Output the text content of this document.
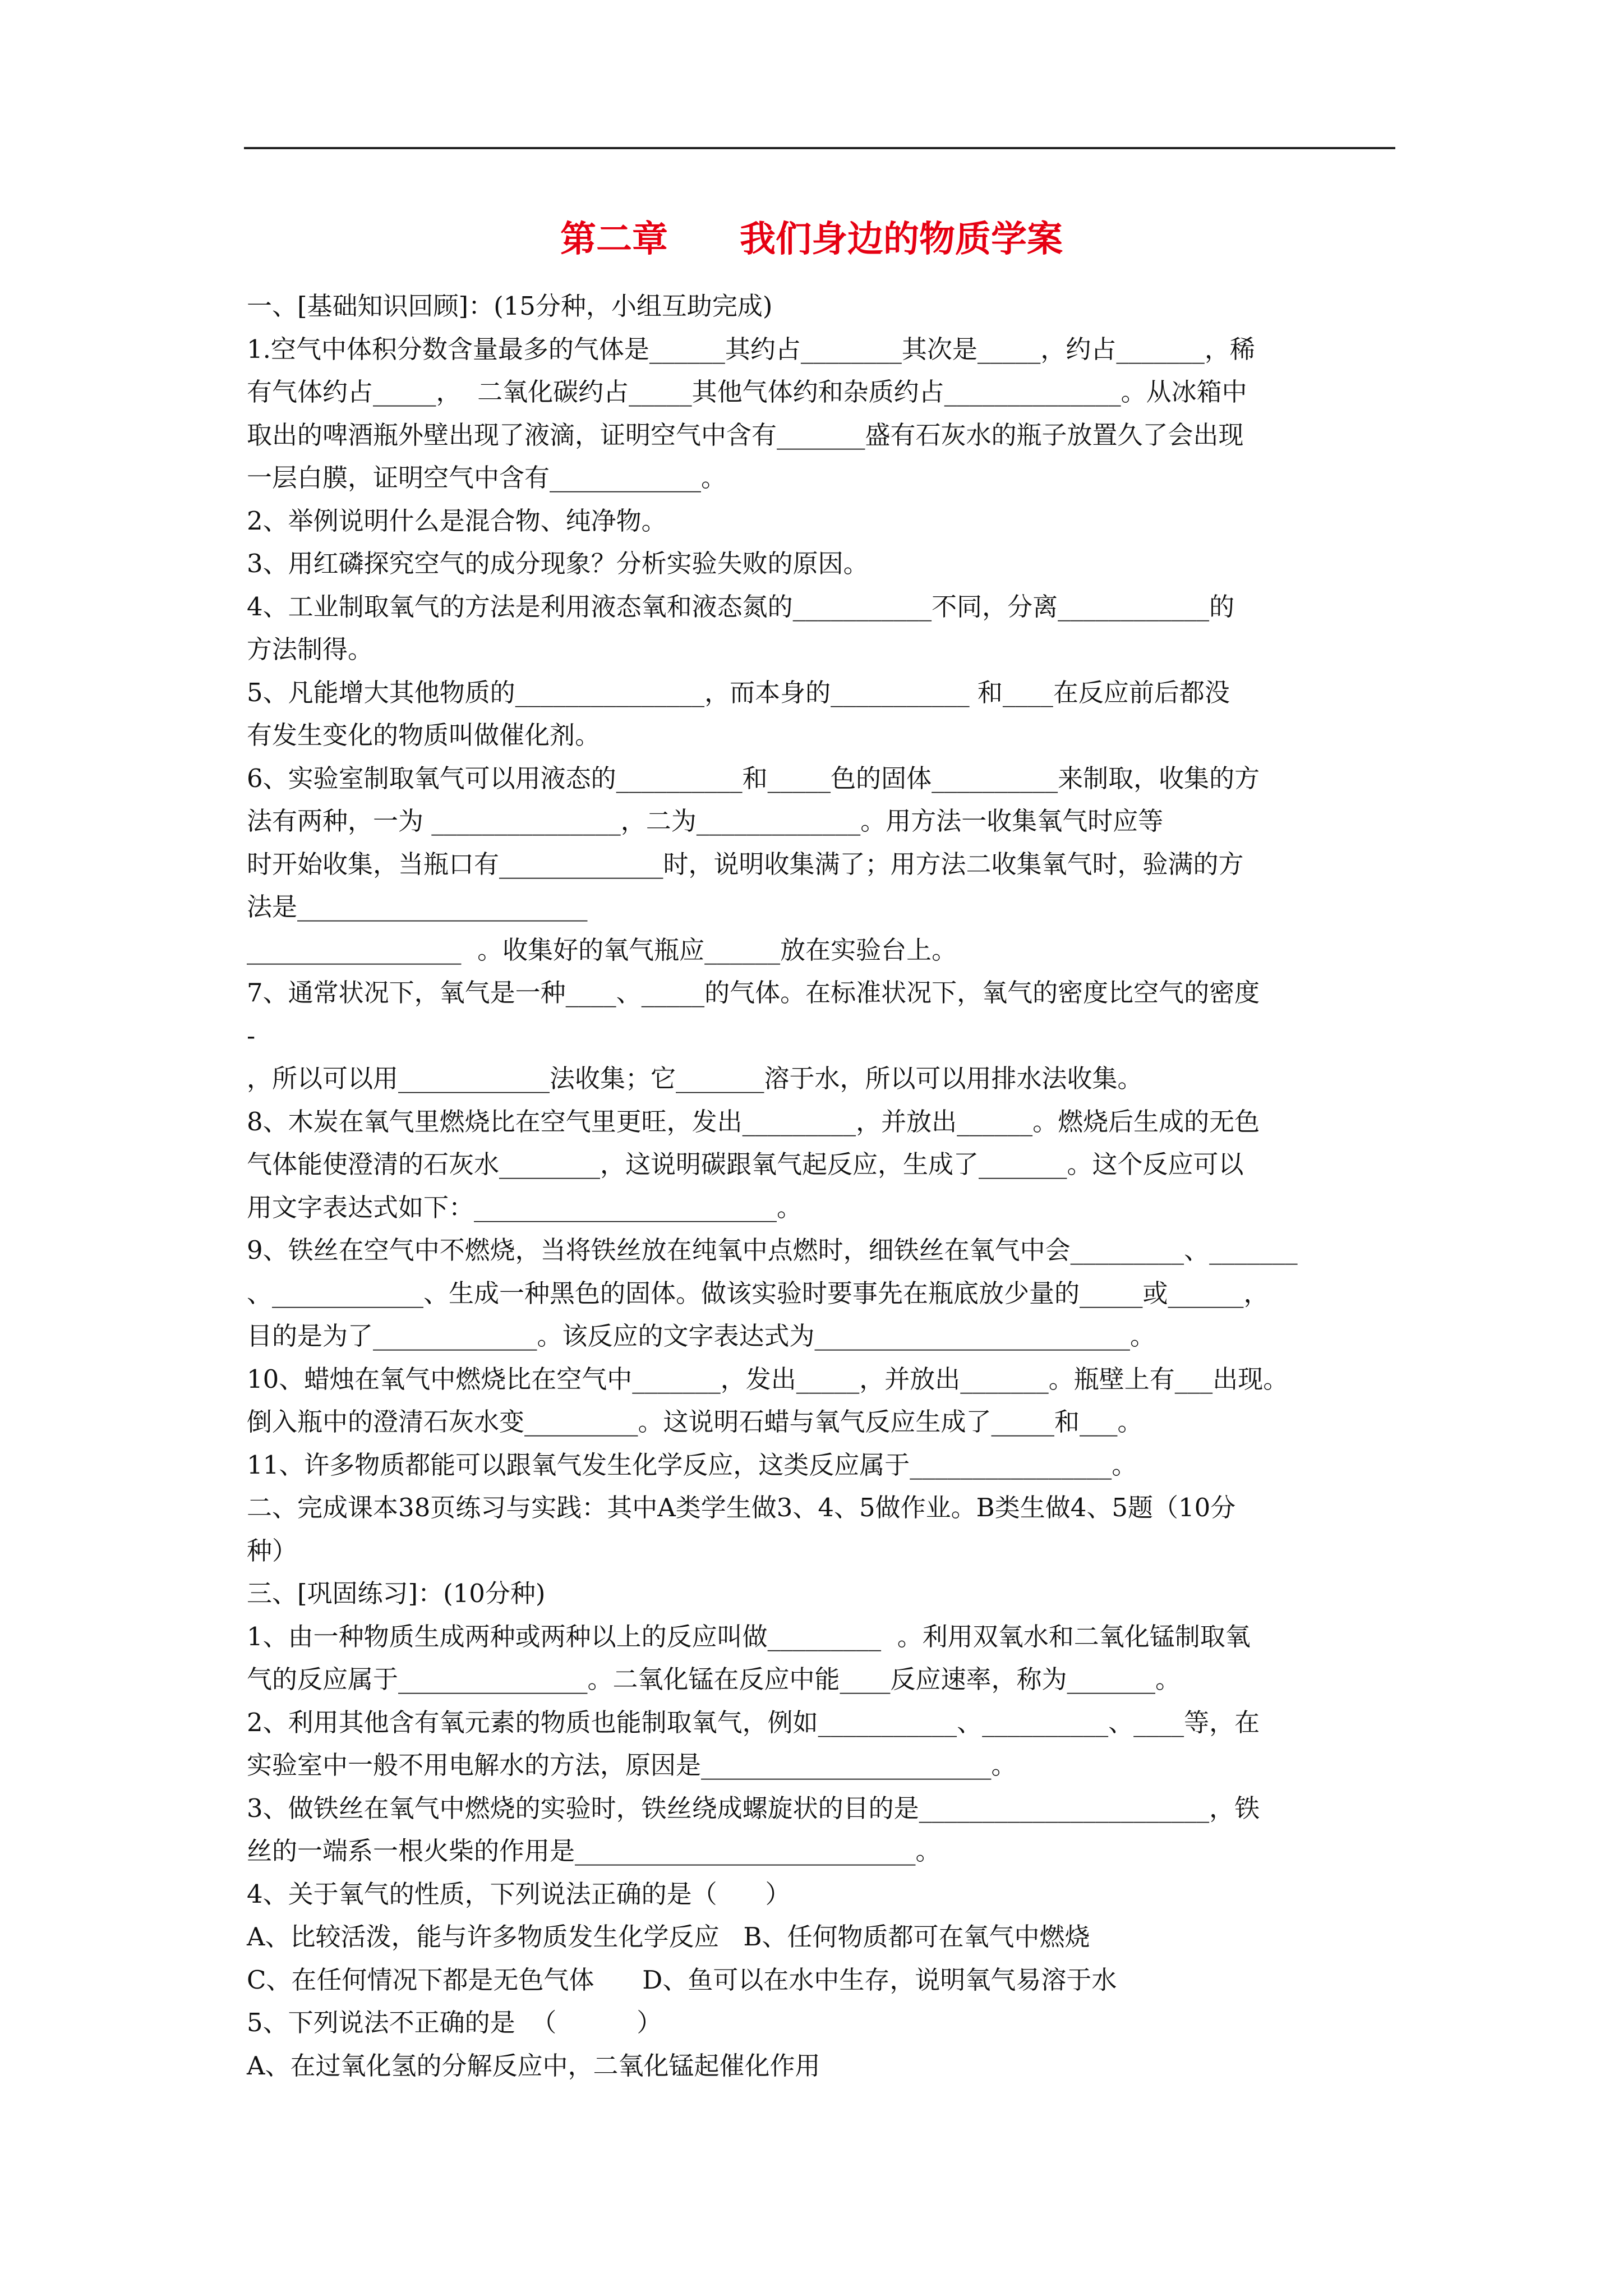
第二章　　我们身边的物质学案
一、[基础知识回顾]：(15分种，小组互助完成)
1.空气中体积分数含量最多的气体是______其约占________其次是_____，约占_______，稀
有气体约占_____，  二氧化碳约占_____其他气体约和杂质约占______________。从冰箱中
取出的啤酒瓶外壁出现了液滴，证明空气中含有_______盛有石灰水的瓶子放置久了会出现
一层白膜，证明空气中含有____________。
2、举例说明什么是混合物、纯净物。
3、用红磷探究空气的成分现象？分析实验失败的原因。
4、工业制取氧气的方法是利用液态氧和液态氮的___________不同，分离____________的
方法制得。
5、凡能增大其他物质的_______________，而本身的___________ 和____在反应前后都没
有发生变化的物质叫做催化剂。
6、实验室制取氧气可以用液态的__________和_____色的固体__________来制取，收集的方
法有两种，一为 _______________，二为_____________。用方法一收集氧气时应等
时开始收集，当瓶口有_____________时，说明收集满了；用方法二收集氧气时，验满的方
法是_______________________
_________________  。收集好的氧气瓶应______放在实验台上。
7、通常状况下，氧气是一种____、_____的气体。在标准状况下，氧气的密度比空气的密度
-
，所以可以用____________法收集；它_______溶于水，所以可以用排水法收集。
8、木炭在氧气里燃烧比在空气里更旺，发出_________，并放出______。燃烧后生成的无色
气体能使澄清的石灰水________，这说明碳跟氧气起反应，生成了_______。这个反应可以
用文字表达式如下：________________________。
9、铁丝在空气中不燃烧，当将铁丝放在纯氧中点燃时，细铁丝在氧气中会_________、_______
、____________、生成一种黑色的固体。做该实验时要事先在瓶底放少量的_____或______，
目的是为了_____________。该反应的文字表达式为_________________________。
10、蜡烛在氧气中燃烧比在空气中_______，发出_____，并放出_______。瓶壁上有___出现。
倒入瓶中的澄清石灰水变_________。这说明石蜡与氧气反应生成了_____和___。
11、许多物质都能可以跟氧气发生化学反应，这类反应属于________________。
二、完成课本38页练习与实践：其中A类学生做3、4、5做作业。B类生做4、5题（10分
种）
三、[巩固练习]：(10分种)
1、由一种物质生成两种或两种以上的反应叫做_________  。利用双氧水和二氧化锰制取氧
气的反应属于_______________。二氧化锰在反应中能____反应速率，称为_______。
2、利用其他含有氧元素的物质也能制取氧气，例如___________、__________、____等，在
实验室中一般不用电解水的方法，原因是_______________________。
3、做铁丝在氧气中燃烧的实验时，铁丝绕成螺旋状的目的是_______________________，铁
丝的一端系一根火柴的作用是___________________________。
4、关于氧气的性质，下列说法正确的是（      ）
A、比较活泼，能与许多物质发生化学反应   B、任何物质都可在氧气中燃烧
C、在任何情况下都是无色气体      D、鱼可以在水中生存，说明氧气易溶于水
5、下列说法不正确的是  （          ）
A、在过氧化氢的分解反应中，二氧化锰起催化作用
